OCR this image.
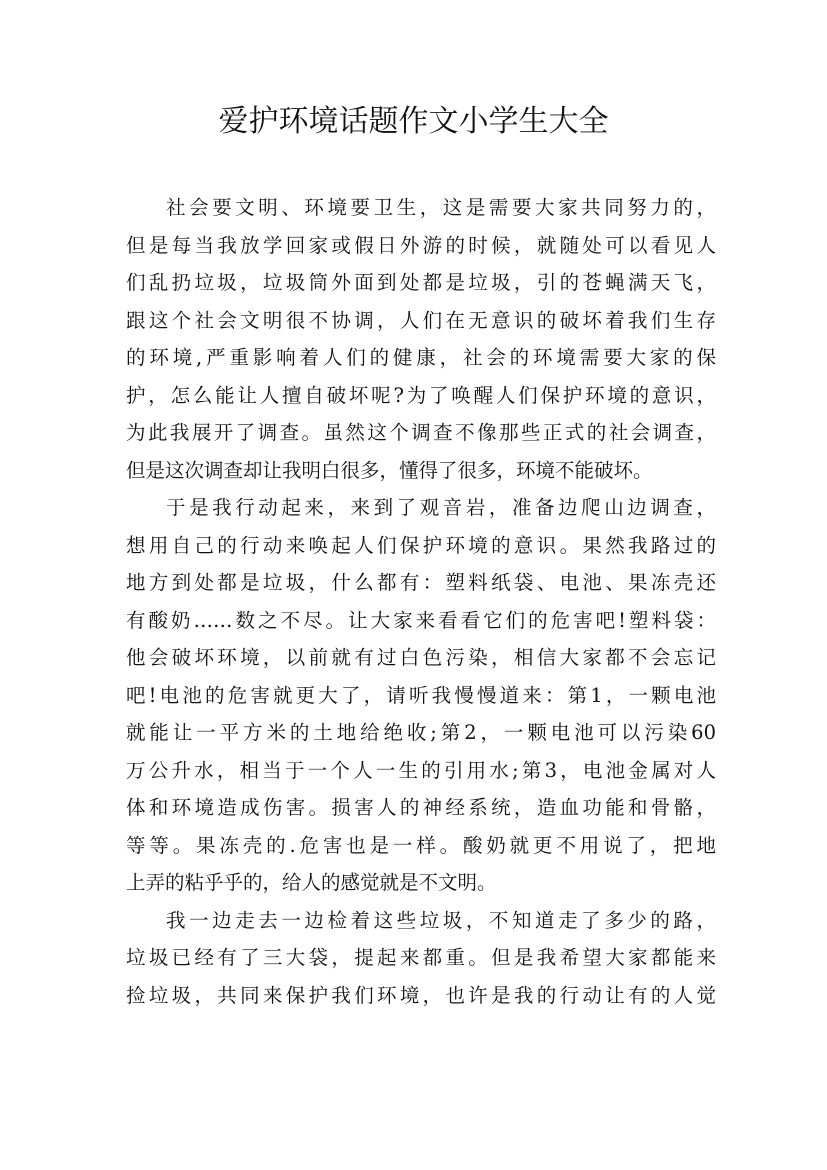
爱护环境话题作文小学生大全
社会要文明、环境要卫生，这是需要大家共同努力的，
但是每当我放学回家或假日外游的时候，就随处可以看见人
们乱扔垃圾，垃圾筒外面到处都是垃圾，引的苍蝇满天飞，
跟这个社会文明很不协调，人们在无意识的破坏着我们生存
的环境,严重影响着人们的健康，社会的环境需要大家的保
护，怎么能让人擅自破坏呢?为了唤醒人们保护环境的意识，
为此我展开了调查。虽然这个调查不像那些正式的社会调查，
但是这次调查却让我明白很多，懂得了很多，环境不能破坏。
于是我行动起来，来到了观音岩，准备边爬山边调查，
想用自己的行动来唤起人们保护环境的意识。果然我路过的
地方到处都是垃圾，什么都有：塑料纸袋、电池、果冻壳还
有酸奶……数之不尽。让大家来看看它们的危害吧!塑料袋：
他会破坏环境，以前就有过白色污染，相信大家都不会忘记
吧!电池的危害就更大了，请听我慢慢道来：第1，一颗电池
就能让一平方米的土地给绝收;第2，一颗电池可以污染60
万公升水，相当于一个人一生的引用水;第3，电池金属对人
体和环境造成伤害。损害人的神经系统，造血功能和骨骼，
等等。果冻壳的.危害也是一样。酸奶就更不用说了，把地
上弄的粘乎乎的，给人的感觉就是不文明。
我一边走去一边检着这些垃圾，不知道走了多少的路，
垃圾已经有了三大袋，提起来都重。但是我希望大家都能来
捡垃圾，共同来保护我们环境，也许是我的行动让有的人觉
